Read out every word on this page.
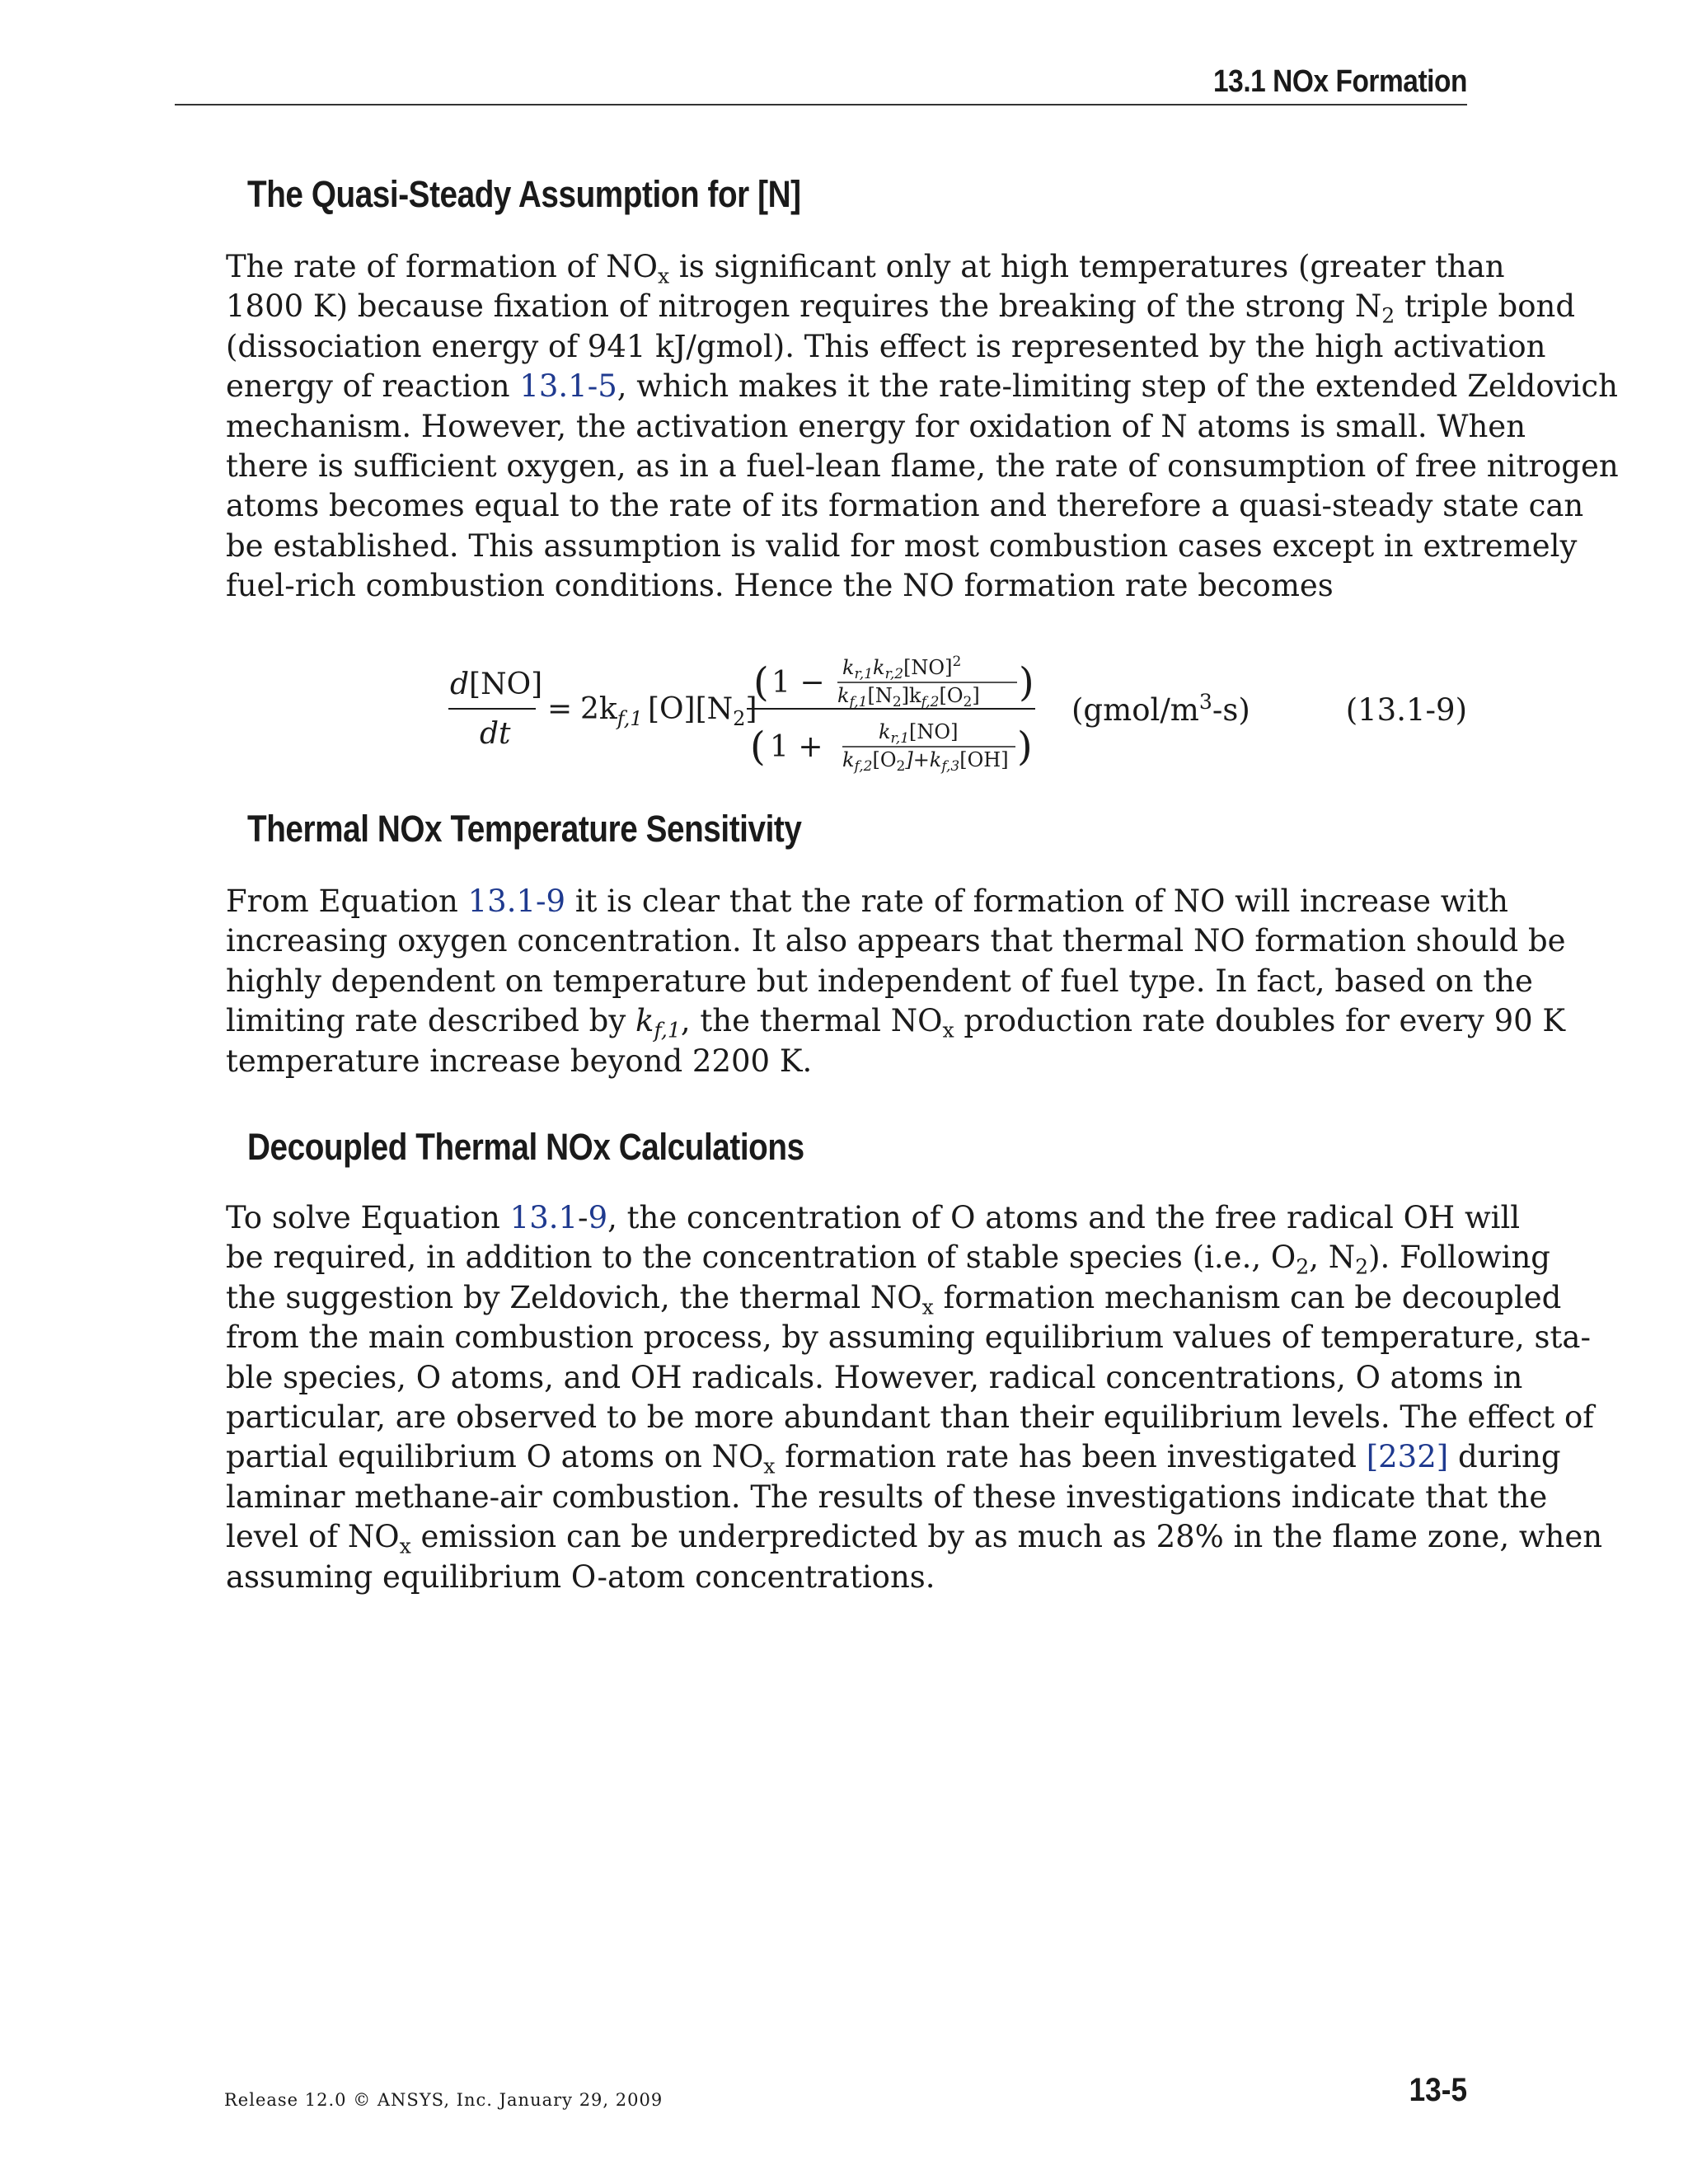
13.1 NOx Formation
The Quasi-Steady Assumption for [N]
The rate of formation of $NO_x$ is significant only at high temperatures (greater than
1800 K) because fixation of nitrogen requires the breaking of the strong $N_2$ triple bond
(dissociation energy of 941 kJ/gmol). This effect is represented by the high activation
energy of reaction 13.1-5, which makes it the rate-limiting step of the extended Zeldovich
mechanism. However, the activation energy for oxidation of N atoms is small. When
there is sufficient oxygen, as in a fuel-lean flame, the rate of consumption of free nitrogen
atoms becomes equal to the rate of its formation and therefore a quasi-steady state can
be established. This assumption is valid for most combustion cases except in extremely
fuel-rich combustion conditions. Hence the NO formation rate becomes
d[NO]
dt
= $2k_{f,1}$ $[O][N_2]$
( $1 - k_{r,1}k_{r,2}[NO]^2$
$k_{f,1}[N_2]k_{f,2}[O_2]$ )
( 1 +	$k_{r,1}[NO]$
$k_{f,2}[O_2]+k_{f,3}[OH]$ )
$(gmol/m^3-s)$	(13.1-9)
Thermal NOx Temperature Sensitivity
From Equation 13.1-9 it is clear that the rate of formation of NO will increase with
increasing oxygen concentration. It also appears that thermal NO formation should be
highly dependent on temperature but independent of fuel type. In fact, based on the
limiting rate described by $k_{f,1}$, the thermal $NO_x$ production rate doubles for every 90 K
temperature increase beyond 2200 K.
Decoupled Thermal NOx Calculations
To solve Equation 13.1-9, the concentration of O atoms and the free radical OH will
be required, in addition to the concentration of stable species (i.e., $O_2$, $N_2$). Following
the suggestion by Zeldovich, the thermal $NO_x$ formation mechanism can be decoupled
from the main combustion process, by assuming equilibrium values of temperature, sta-
ble species, O atoms, and OH radicals. However, radical concentrations, O atoms in
particular, are observed to be more abundant than their equilibrium levels. The effect of
partial equilibrium O atoms on $NO_x$ formation rate has been investigated [232] during
laminar methane-air combustion. The results of these investigations indicate that the
level of $NO_x$ emission can be underpredicted by as much as 28% in the flame zone, when
assuming equilibrium O-atom concentrations.
Release 12.0 © ANSYS, Inc. January 29, 2009	13-5
